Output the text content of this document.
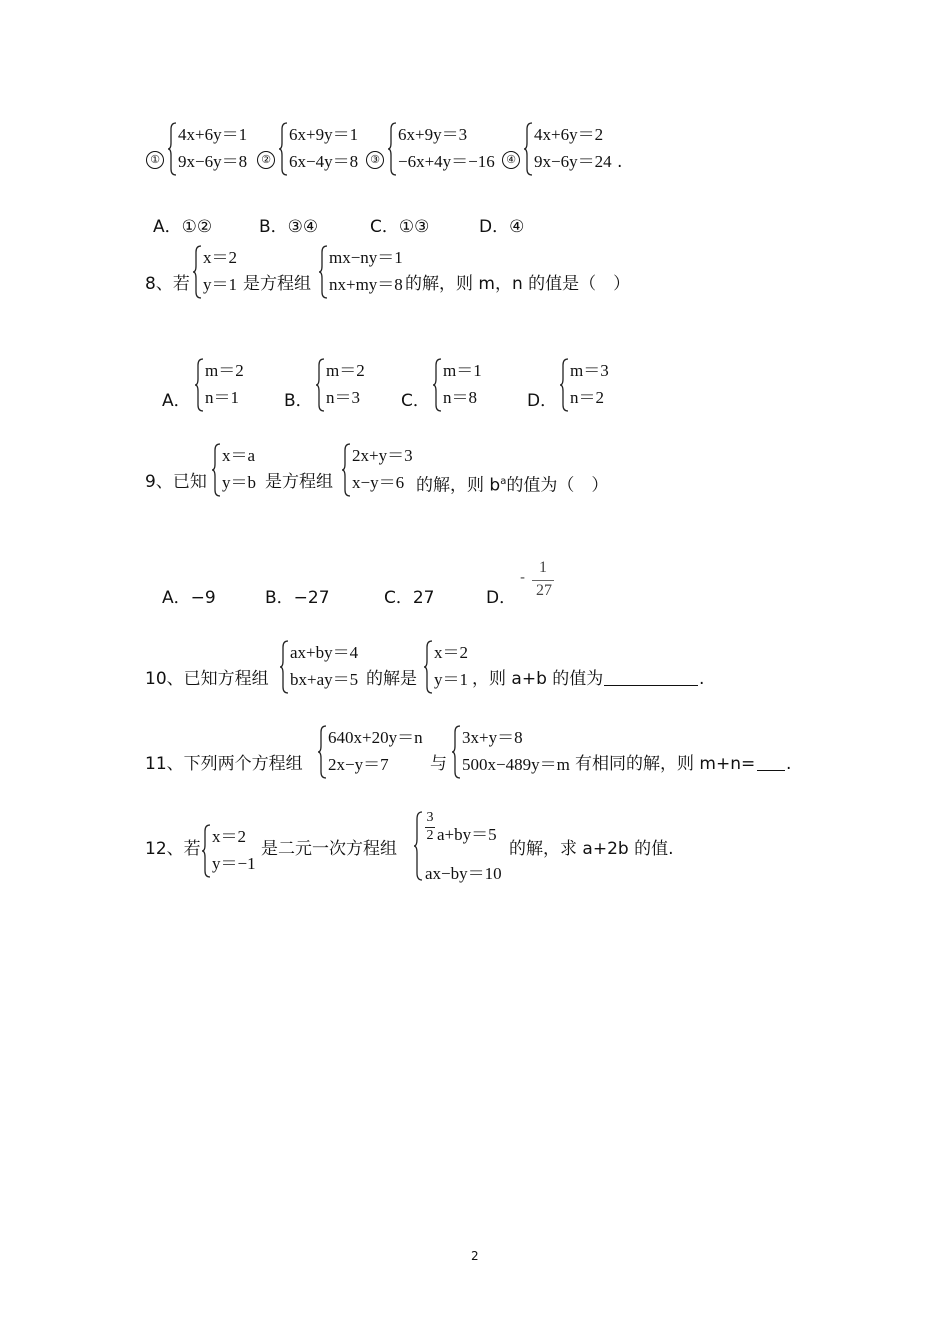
①
4x+6y＝1
9x−6y＝8	②
6x+9y＝1
6x−4y＝8	③
6x+9y＝3
−6x+4y＝−16	④
4x+6y＝2
9x−6y＝24 .
A．①②	B．③④	C．①③	D．④
8、若
x＝2
y＝1 是方程组
mx−ny＝1
nx+my＝8 的解，则 m，n 的值是（　）
A．
m＝2
n＝1	B．
m＝2
n＝3 C．
m＝1
n＝8	D．
m＝3
n＝2
9、已知
x＝a
y＝b 是方程组
2x+y＝3
x−y＝6 的解，则 $b^a$的值为（　）
A．−9	B．−27	C．27	D．
-
1
27
10、已知方程组
ax+by＝4
bx+ay＝5 的解是
x＝2
y＝1 ，则 a+b 的值为	.
11、下列两个方程组
640x+20y＝n
2x−y＝7 与
3x+y＝8
500x−489y＝m 有相同的解，则 m+n= .
12、若
x＝2
y＝−1
是二元一次方程组
3
2 a+by＝5
ax−by＝10
的解，求 a+2b 的值.
2
